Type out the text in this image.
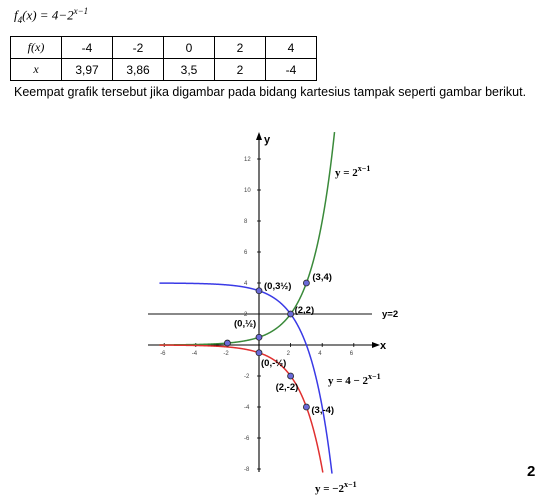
$f_4(x) = 4-2^{x-1}$
f(x)	-4	-2	0	2	4
x	3,97	3,86	3,5	2	-4
Keempat grafik tersebut jika digambar pada bidang kartesius tampak seperti gambar berikut.
x
y
-6	-4	-2	2	4	6
12
10
8
6
4
2
-2
-4
-6
-8
y=2
(3,4)
(0,3½)
(2,2)
(0,½)
(0,-½)
(2,-2)
(3,-4)
$y = 2^{x-1}$
$y = 4 - 2^{x-1}$
$y = -2^{x-1}$
2
